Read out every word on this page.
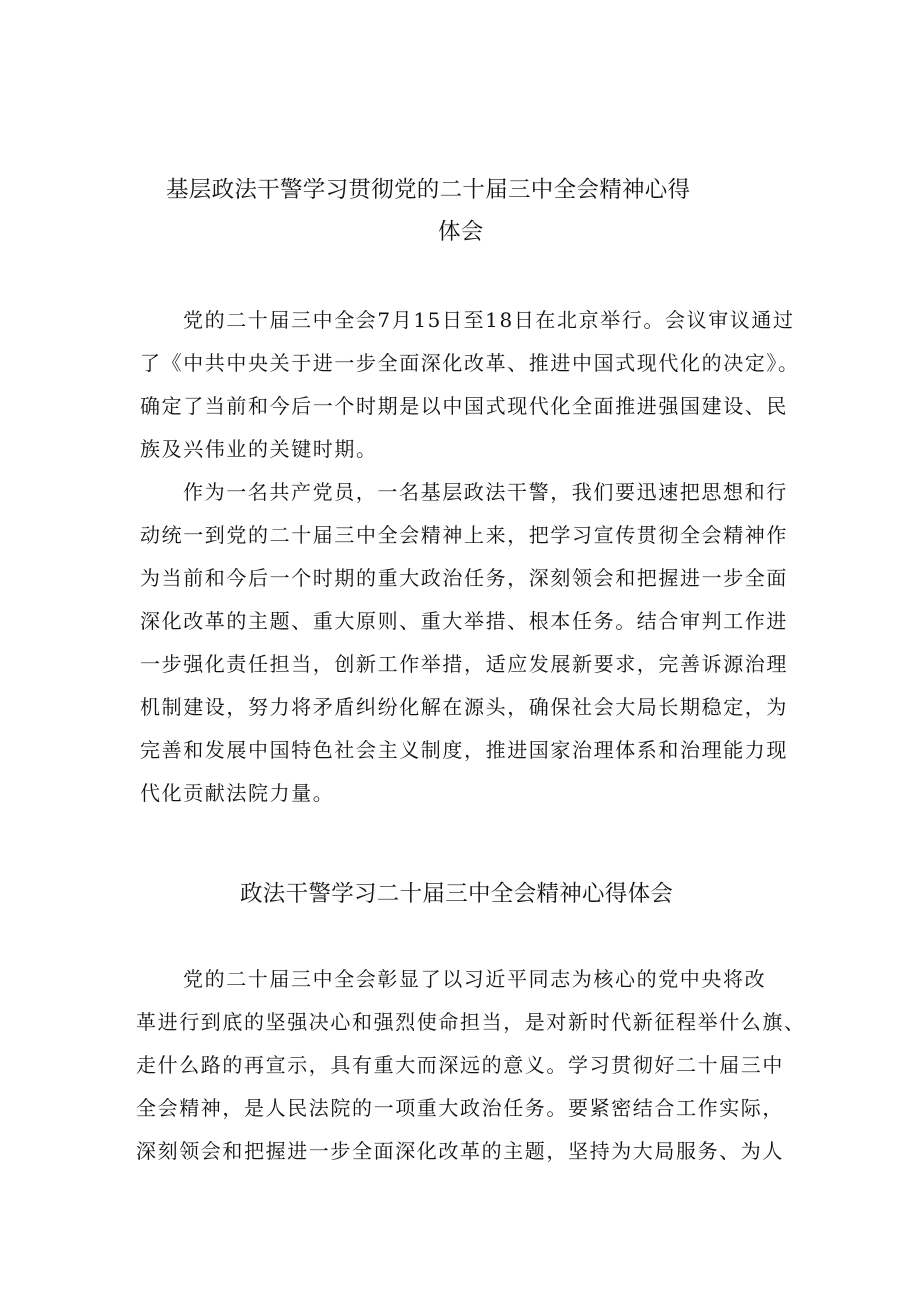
基层政法干警学习贯彻党的二十届三中全会精神心得
体会

党的二十届三中全会7月15日至18日在北京举行。会议审议通过

了《中共中央关于进一步全面深化改革、推进中国式现代化的决定》。

确定了当前和今后一个时期是以中国式现代化全面推进强国建设、民

族及兴伟业的关键时期。

作为一名共产党员，一名基层政法干警，我们要迅速把思想和行

动统一到党的二十届三中全会精神上来，把学习宣传贯彻全会精神作

为当前和今后一个时期的重大政治任务，深刻领会和把握进一步全面

深化改革的主题、重大原则、重大举措、根本任务。结合审判工作进

一步强化责任担当，创新工作举措，适应发展新要求，完善诉源治理

机制建设，努力将矛盾纠纷化解在源头，确保社会大局长期稳定，为

完善和发展中国特色社会主义制度，推进国家治理体系和治理能力现

代化贡献法院力量。

政法干警学习二十届三中全会精神心得体会

党的二十届三中全会彰显了以习近平同志为核心的党中央将改

革进行到底的坚强决心和强烈使命担当，是对新时代新征程举什么旗、

走什么路的再宣示，具有重大而深远的意义。学习贯彻好二十届三中

全会精神，是人民法院的一项重大政治任务。要紧密结合工作实际，

深刻领会和把握进一步全面深化改革的主题，坚持为大局服务、为人
